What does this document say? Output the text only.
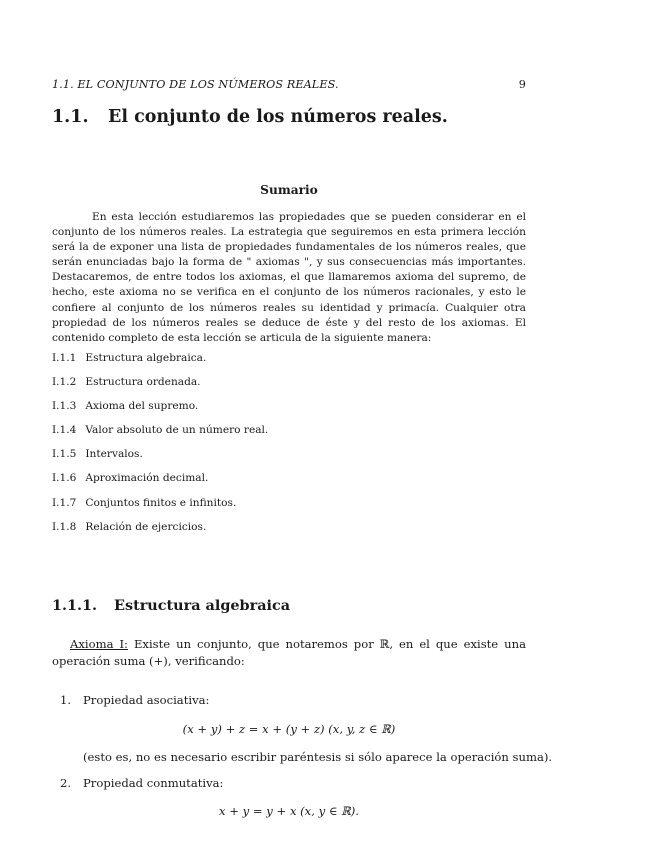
1.1. EL CONJUNTO DE LOS NÚMEROS REALES.	9
1.1. El conjunto de los números reales.
Sumario

En esta lección estudiaremos las propiedades que se pueden considerar en el conjunto de los números reales. La estrategia que seguiremos en esta primera lección será la de exponer una lista de propiedades fundamentales de los números reales, que serán enunciadas bajo la forma de " axiomas ", y sus consecuencias más importantes. Destacaremos, de entre todos los axiomas, el que llamaremos axioma del supremo, de hecho, este axioma no se verifica en el conjunto de los números racionales, y esto le confiere al conjunto de los números reales su identidad y primacía. Cualquier otra propiedad de los números reales se deduce de éste y del resto de los axiomas. El contenido completo de esta lección se articula de la siguiente manera:

I.1.1 Estructura algebraica.
I.1.2 Estructura ordenada.
I.1.3 Axioma del supremo.
I.1.4 Valor absoluto de un número real.
I.1.5 Intervalos.
I.1.6 Aproximación decimal.
I.1.7 Conjuntos finitos e infinitos.
I.1.8 Relación de ejercicios.
1.1.1. Estructura algebraica

Axioma I: Existe un conjunto, que notaremos por ℝ, en el que existe una operación suma (+), verificando:

1. Propiedad asociativa:
(x + y) + z = x + (y + z) (x, y, z ∈ ℝ)
(esto es, no es necesario escribir paréntesis si sólo aparece la operación suma).
2. Propiedad conmutativa:
x + y = y + x (x, y ∈ ℝ).
